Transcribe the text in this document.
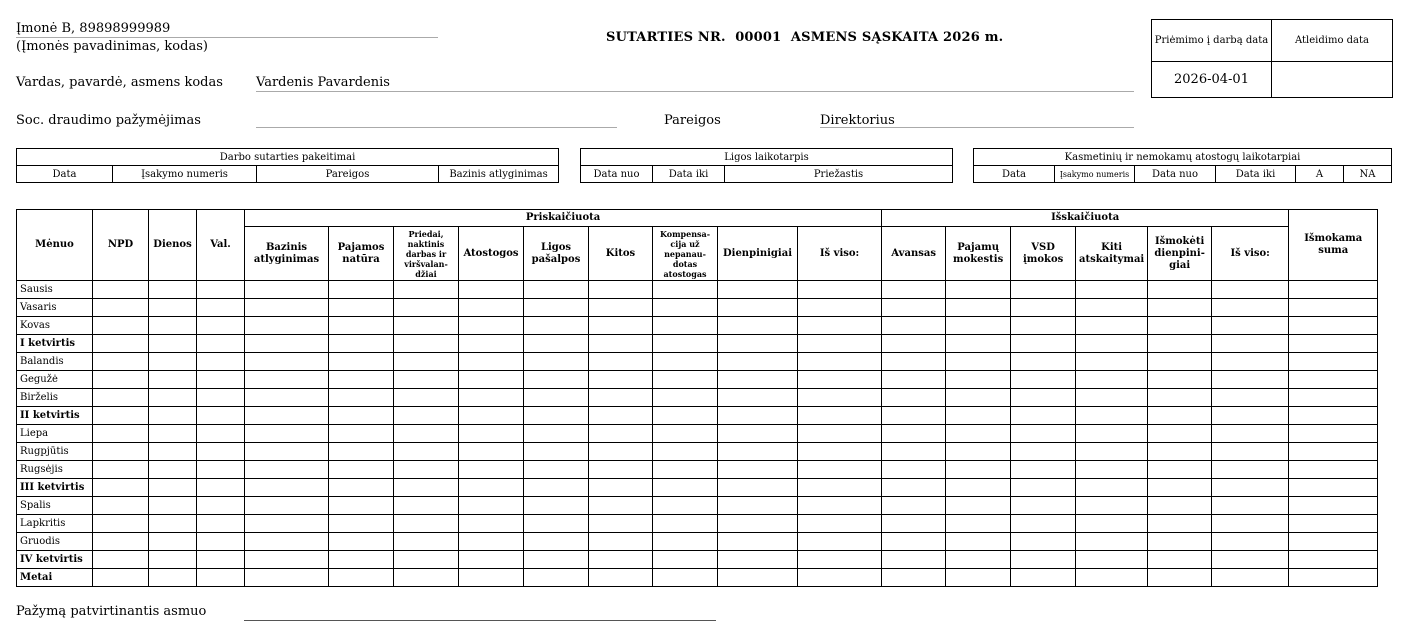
Įmonė B, 89898999989
(Įmonės pavadinimas, kodas)
SUTARTIES NR.  00001  ASMENS SĄSKAITA 2026 m.	Priėmimo į darbą data	Atleidimo data
2026-04-01	
Vardas, pavardė, asmens kodas	Vardenis Pavardenis
Soc. draudimo pažymėjimas	Pareigos	Direktorius
Darbo sutarties pakeitimai
Data	Įsakymo numeris	Pareigos	Bazinis atlyginimas
Ligos laikotarpis
Data nuo	Data iki	Priežastis
Kasmetinių ir nemokamų atostogų laikotarpiai
Data	Įsakymo numeris	Data nuo	Data iki	A	NA
Mėnuo	NPD	Dienos	Val.	Priskaičiuota									Išskaičiuota						Išmokama suma
				Bazinis atlyginimas	Pajamos natūra	Priedai, naktinis darbas ir viršvalan-džiai	Atostogos	Ligos pašalpos	Kitos	Kompensa-cija už nepanau-dotas atostogas	Dienpinigiai	Iš viso:	Avansas	Pajamų mokestis	VSD įmokos	Kiti atskaitymai	Išmokėti dienpini-giai	Iš viso:	
Sausis																			
Vasaris																			
Kovas																			
I ketvirtis																			
Balandis																			
Gegužė																			
Birželis																			
II ketvirtis																			
Liepa																			
Rugpjūtis																			
Rugsėjis																			
III ketvirtis																			
Spalis																			
Lapkritis																			
Gruodis																			
IV ketvirtis																			
Metai																			
Pažymą patvirtinantis asmuo
